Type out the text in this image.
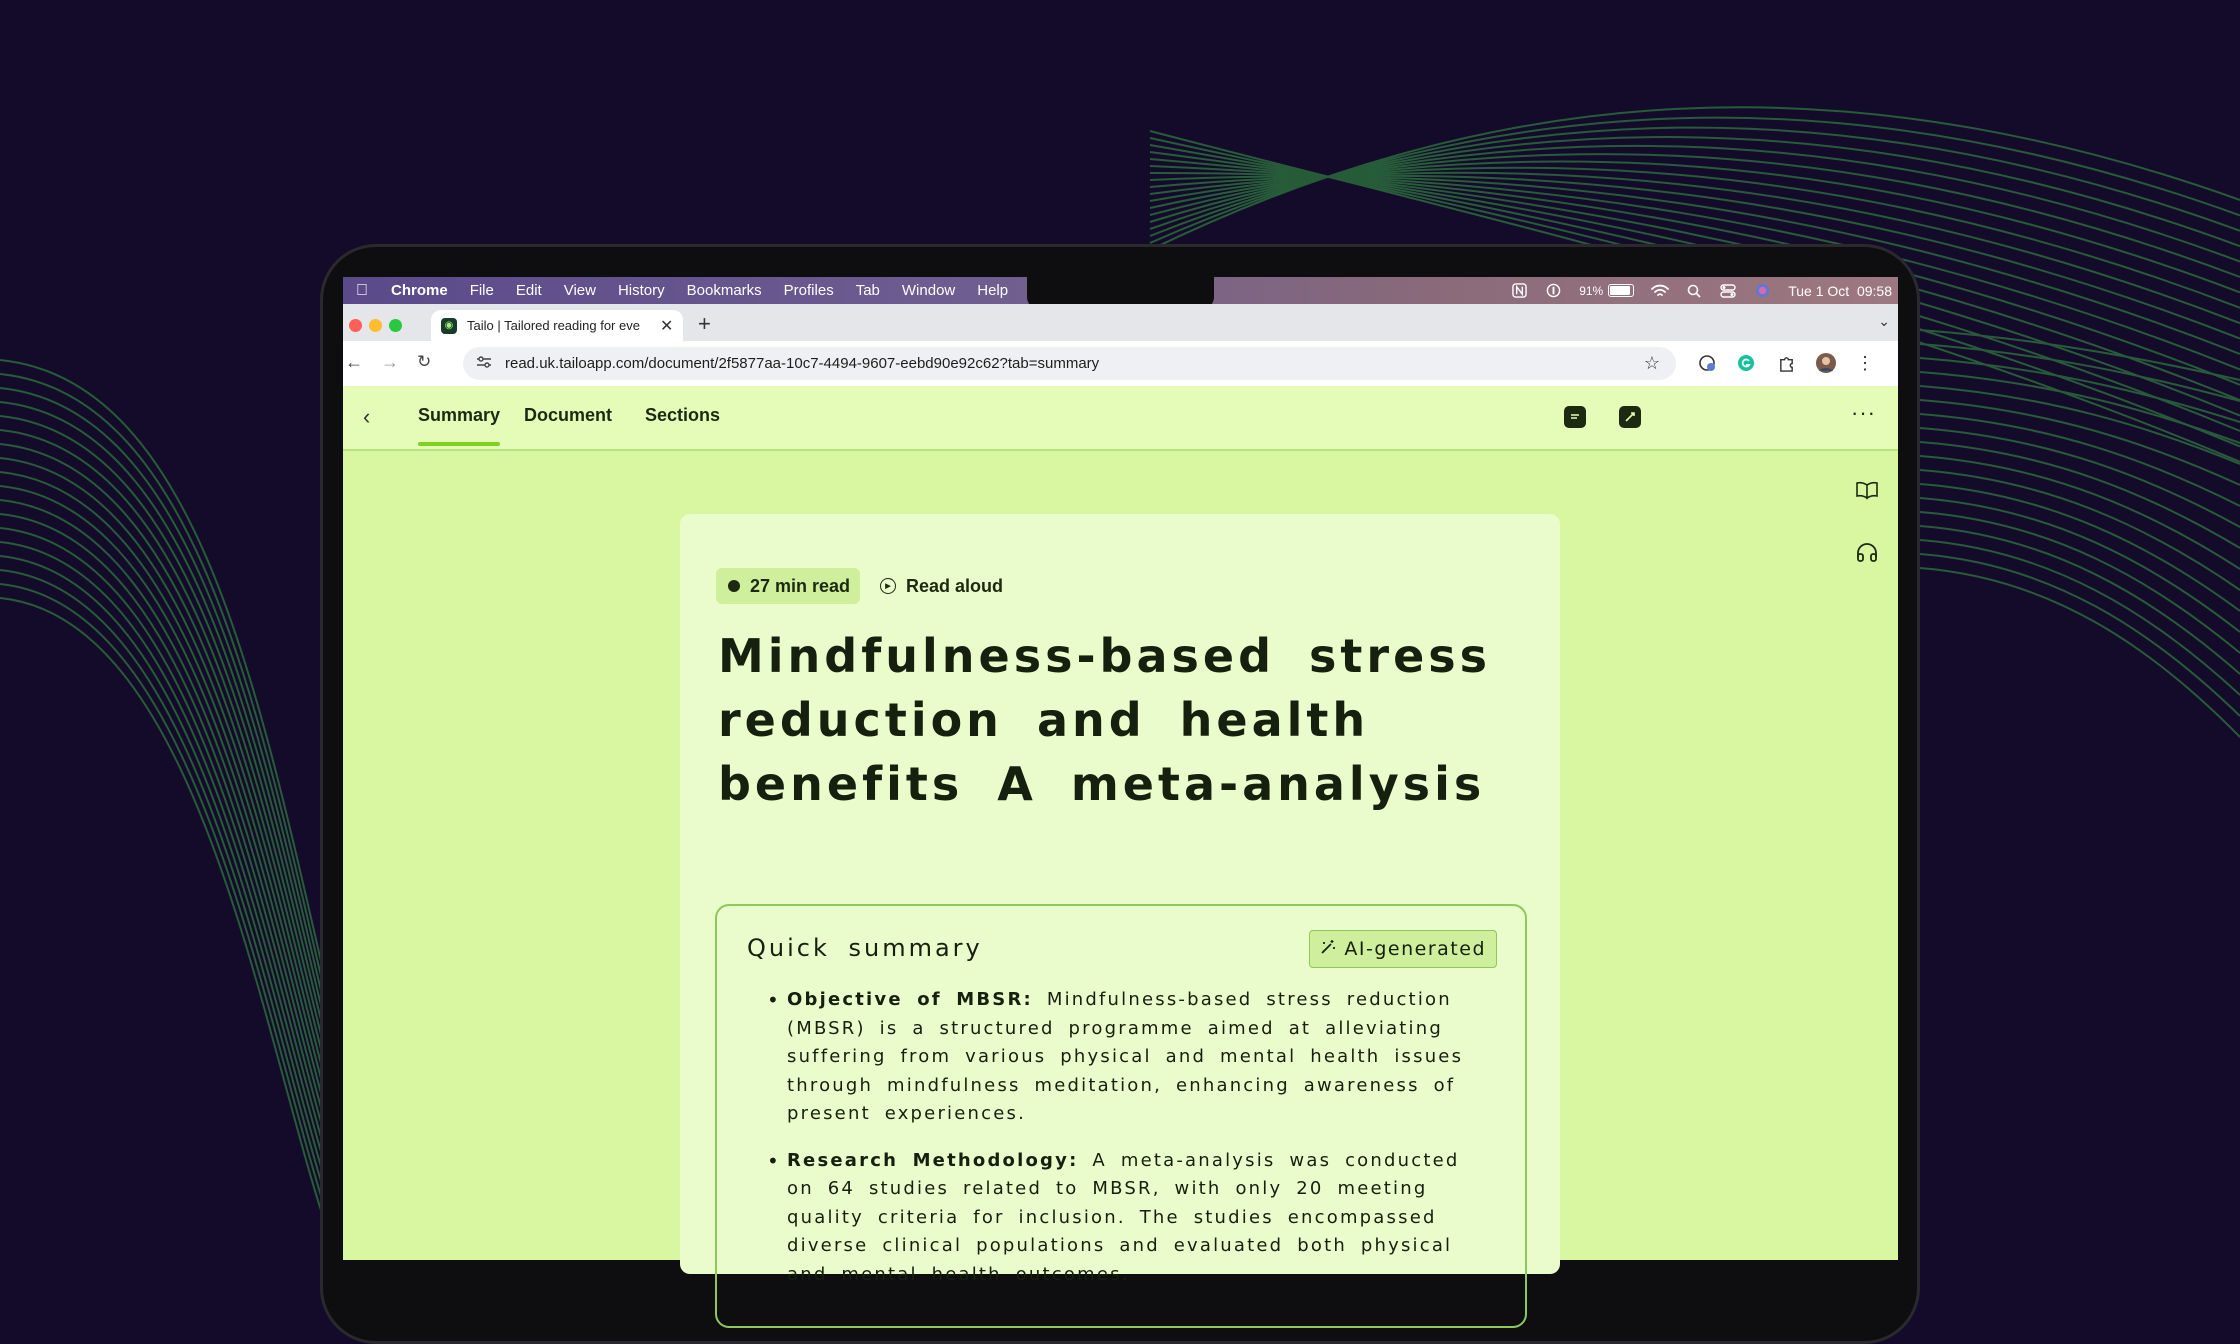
Chrome File Edit View History Bookmarks Profiles Tab Window Help	91%	Tue 1 Oct  09:58
◉ Tailo | Tailored reading for eve	✕ +	⌄
← → ↻	read.uk.tailoapp.com/document/2f5877aa-10c7-4494-9607-eebd90e92c62?tab=summary	☆	⋮
‹	Summary Document Sections	···
27 min read	▶ Read aloud
Mindfulness-based stress reduction and health benefits A meta-analysis
Quick summary	AI-generated
• Objective of MBSR: Mindfulness-based stress reduction (MBSR) is a structured programme aimed at alleviating suffering from various physical and mental health issues through mindfulness meditation, enhancing awareness of present experiences.
• Research Methodology: A meta-analysis was conducted on 64 studies related to MBSR, with only 20 meeting quality criteria for inclusion. The studies encompassed diverse clinical populations and evaluated both physical and mental health outcomes.
